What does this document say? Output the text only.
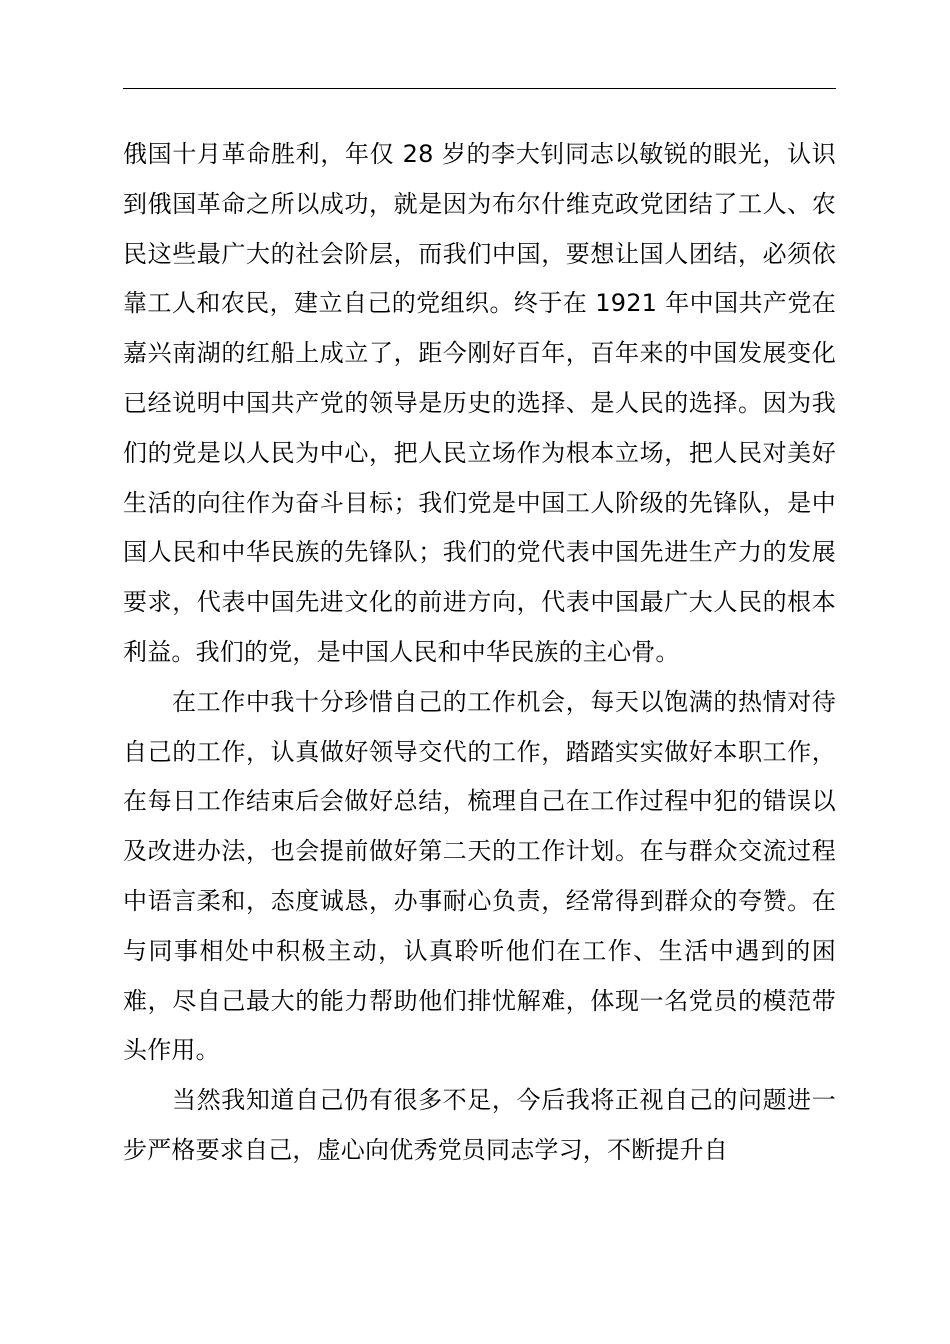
俄国十月革命胜利，年仅 28 岁的李大钊同志以敏锐的眼光，认识到俄国革命之所以成功，就是因为布尔什维克政党团结了工人、农民这些最广大的社会阶层，而我们中国，要想让国人团结，必须依靠工人和农民，建立自己的党组织。终于在 1921 年中国共产党在嘉兴南湖的红船上成立了，距今刚好百年，百年来的中国发展变化已经说明中国共产党的领导是历史的选择、是人民的选择。因为我们的党是以人民为中心，把人民立场作为根本立场，把人民对美好生活的向往作为奋斗目标；我们党是中国工人阶级的先锋队，是中国人民和中华民族的先锋队；我们的党代表中国先进生产力的发展要求，代表中国先进文化的前进方向，代表中国最广大人民的根本利益。我们的党，是中国人民和中华民族的主心骨。

在工作中我十分珍惜自己的工作机会，每天以饱满的热情对待自己的工作，认真做好领导交代的工作，踏踏实实做好本职工作，在每日工作结束后会做好总结，梳理自己在工作过程中犯的错误以及改进办法，也会提前做好第二天的工作计划。在与群众交流过程中语言柔和，态度诚恳，办事耐心负责，经常得到群众的夸赞。在与同事相处中积极主动，认真聆听他们在工作、生活中遇到的困难，尽自己最大的能力帮助他们排忧解难，体现一名党员的模范带头作用。

当然我知道自己仍有很多不足，今后我将正视自己的问题进一步严格要求自己，虚心向优秀党员同志学习，不断提升自
